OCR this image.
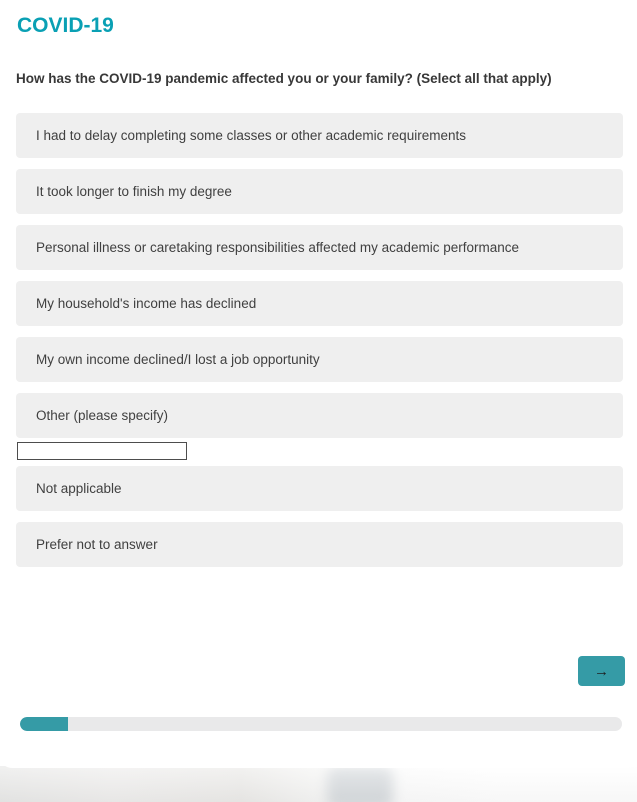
COVID-19
How has the COVID-19 pandemic affected you or your family? (Select all that apply)
I had to delay completing some classes or other academic requirements
It took longer to finish my degree
Personal illness or caretaking responsibilities affected my academic performance
My household's income has declined
My own income declined/I lost a job opportunity
Other (please specify)
Not applicable
Prefer not to answer
→
